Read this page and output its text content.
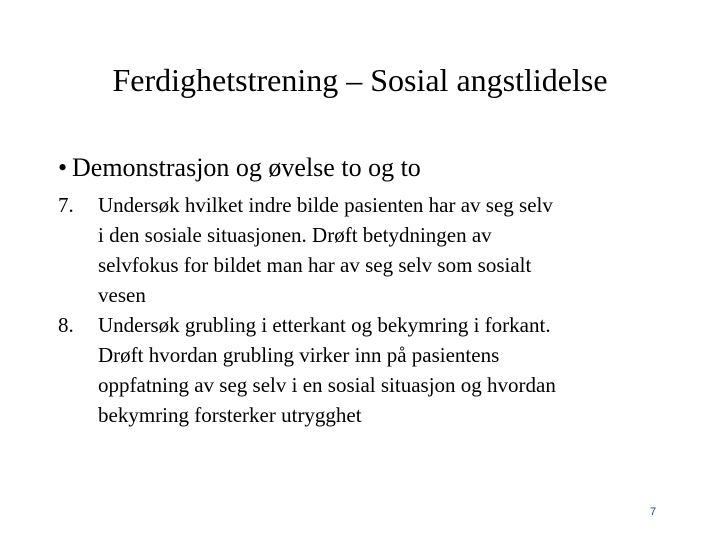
Ferdighetstrening – Sosial angstlidelse
• Demonstrasjon og øvelse to og to
7.	Undersøk hvilket indre bilde pasienten har av seg selv
i den sosiale situasjonen. Drøft betydningen av
selvfokus for bildet man har av seg selv som sosialt
vesen
8.	Undersøk grubling i etterkant og bekymring i forkant.
Drøft hvordan grubling virker inn på pasientens
oppfatning av seg selv i en sosial situasjon og hvordan
bekymring forsterker utrygghet
7
